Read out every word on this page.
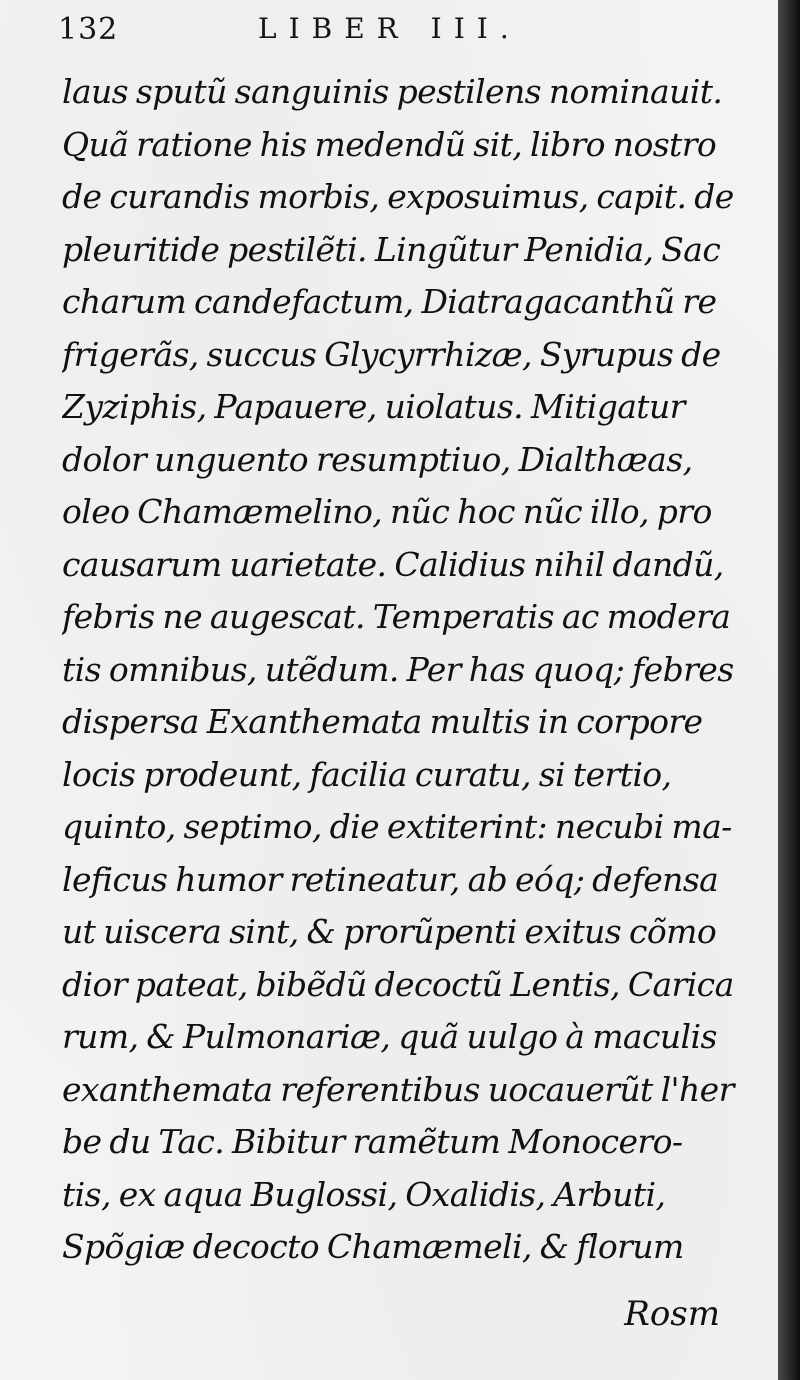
132	LIBER III.
laus sputũ sanguinis pestilens nominauit.
Quã ratione his medendũ sit, libro nostro
de curandis morbis, exposuimus, capit. de
pleuritide pestilẽti. Lingũtur Penidia, Sac
charum candefactum, Diatragacanthũ re
frigerãs, succus Glycyrrhizæ, Syrupus de
Zyziphis, Papauere, uiolatus. Mitigatur
dolor unguento resumptiuo, Dialthæas,
oleo Chamæmelino, nũc hoc nũc illo, pro
causarum uarietate. Calidius nihil dandũ,
febris ne augescat. Temperatis ac modera
tis omnibus, utẽdum. Per has quoq; febres
dispersa Exanthemata multis in corpore
locis prodeunt, facilia curatu, si tertio,
quinto, septimo, die extiterint: necubi ma-
leficus humor retineatur, ab eóq; defensa
ut uiscera sint, & prorũpenti exitus cõmo
dior pateat, bibẽdũ decoctũ Lentis, Carica
rum, & Pulmonariæ, quã uulgo à maculis
exanthemata referentibus uocauerũt l'her
be du Tac. Bibitur ramẽtum Monocero-
tis, ex aqua Buglossi, Oxalidis, Arbuti,
Spõgiæ decocto Chamæmeli, & florum
Rosm
